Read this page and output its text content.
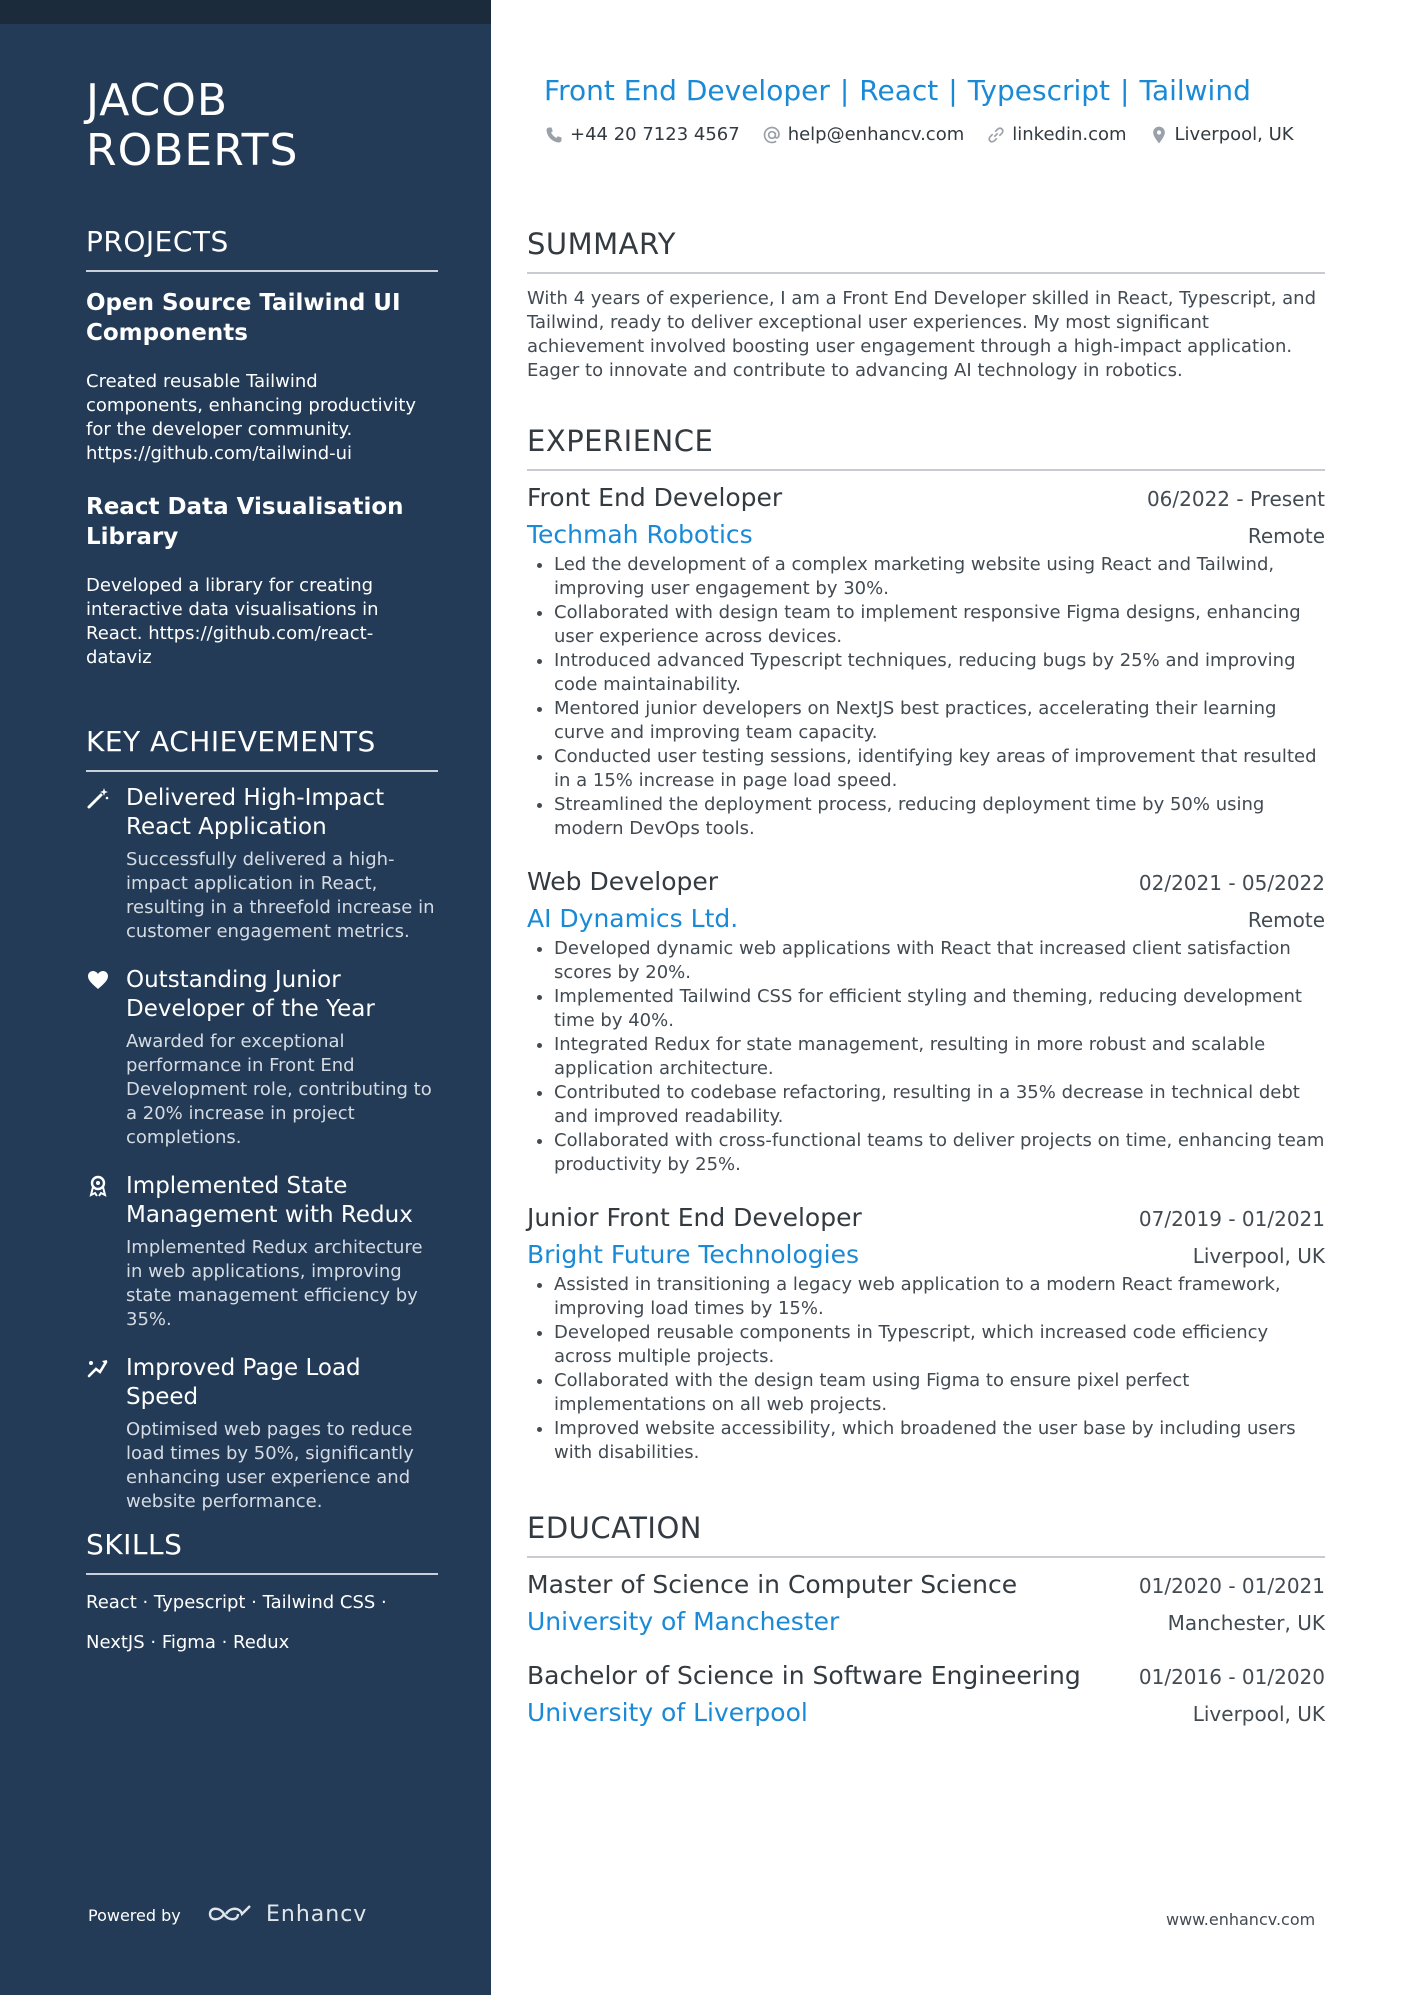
JACOB
ROBERTS
PROJECTS
Open Source Tailwind UI Components
Created reusable Tailwind components, enhancing productivity for the developer community. https://github.com/tailwind-ui
React Data Visualisation Library
Developed a library for creating interactive data visualisations in React. https://github.com/react-dataviz
KEY ACHIEVEMENTS
Delivered High-Impact React Application
Successfully delivered a high-impact application in React, resulting in a threefold increase in customer engagement metrics.
Outstanding Junior Developer of the Year
Awarded for exceptional performance in Front End Development role, contributing to a 20% increase in project completions.
Implemented State Management with Redux
Implemented Redux architecture in web applications, improving state management efficiency by 35%.
Improved Page Load Speed
Optimised web pages to reduce load times by 50%, significantly enhancing user experience and website performance.
SKILLS
React · Typescript · Tailwind CSS ·
NextJS · Figma · Redux
Powered by	Enhancv
Front End Developer | React | Typescript | Tailwind
+44 20 7123 4567	help@enhancv.com	linkedin.com	Liverpool, UK
SUMMARY
With 4 years of experience, I am a Front End Developer skilled in React, Typescript, and Tailwind, ready to deliver exceptional user experiences. My most significant achievement involved boosting user engagement through a high-impact application. Eager to innovate and contribute to advancing AI technology in robotics.
EXPERIENCE
Front End Developer	06/2022 - Present
Techmah Robotics	Remote
• Led the development of a complex marketing website using React and Tailwind, improving user engagement by 30%.
• Collaborated with design team to implement responsive Figma designs, enhancing user experience across devices.
• Introduced advanced Typescript techniques, reducing bugs by 25% and improving code maintainability.
• Mentored junior developers on NextJS best practices, accelerating their learning curve and improving team capacity.
• Conducted user testing sessions, identifying key areas of improvement that resulted in a 15% increase in page load speed.
• Streamlined the deployment process, reducing deployment time by 50% using modern DevOps tools.
Web Developer	02/2021 - 05/2022
AI Dynamics Ltd.	Remote
• Developed dynamic web applications with React that increased client satisfaction scores by 20%.
• Implemented Tailwind CSS for efficient styling and theming, reducing development time by 40%.
• Integrated Redux for state management, resulting in more robust and scalable application architecture.
• Contributed to codebase refactoring, resulting in a 35% decrease in technical debt and improved readability.
• Collaborated with cross-functional teams to deliver projects on time, enhancing team productivity by 25%.
Junior Front End Developer	07/2019 - 01/2021
Bright Future Technologies	Liverpool, UK
• Assisted in transitioning a legacy web application to a modern React framework, improving load times by 15%.
• Developed reusable components in Typescript, which increased code efficiency across multiple projects.
• Collaborated with the design team using Figma to ensure pixel perfect implementations on all web projects.
• Improved website accessibility, which broadened the user base by including users with disabilities.
EDUCATION
Master of Science in Computer Science	01/2020 - 01/2021
University of Manchester	Manchester, UK
Bachelor of Science in Software Engineering	01/2016 - 01/2020
University of Liverpool	Liverpool, UK
www.enhancv.com
